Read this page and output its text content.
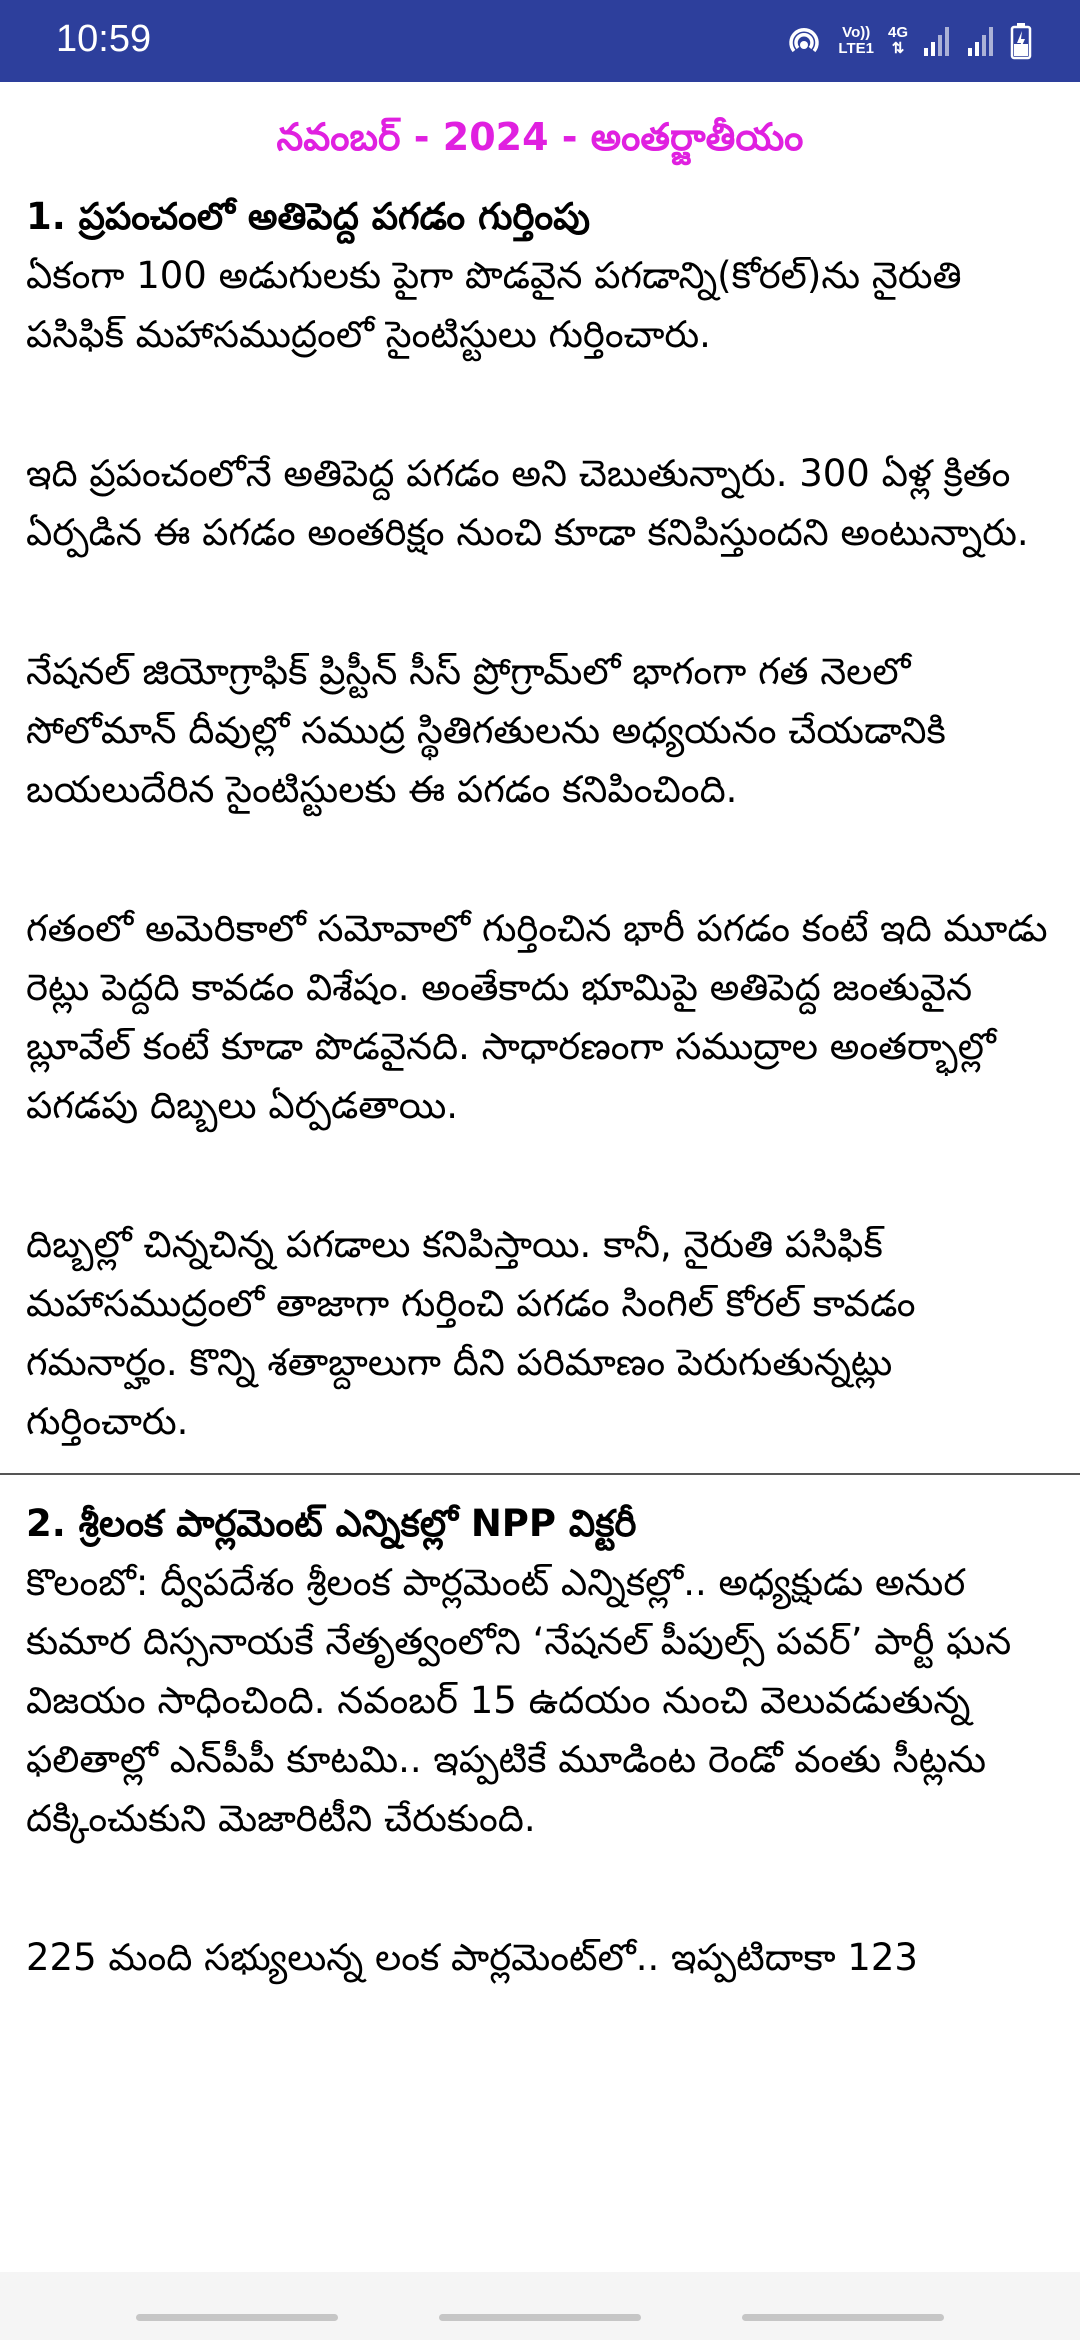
10:59	Vo))
LTE1
4G
⇅
నవంబర్ - 2024 - అంతర్జాతీయం
1. ప్రపంచంలో అతిపెద్ద పగడం గుర్తింపు

ఏకంగా 100 అడుగులకు పైగా పొడవైన పగడాన్ని(కోరల్)ను నైరుతి పసిఫిక్ మహాసముద్రంలో సైంటిస్టులు గుర్తించారు.

ఇది ప్రపంచంలోనే అతిపెద్ద పగడం అని చెబుతున్నారు. 300 ఏళ్ల క్రితం ఏర్పడిన ఈ పగడం అంతరిక్షం నుంచి కూడా కనిపిస్తుందని అంటున్నారు.

నేషనల్ జియోగ్రాఫిక్ ప్రిస్టీన్ సీస్ ప్రోగ్రామ్‌లో భాగంగా గత నెలలో సోలోమాన్ దీవుల్లో సముద్ర స్థితిగతులను అధ్యయనం చేయడానికి బయలుదేరిన సైంటిస్టులకు ఈ పగడం కనిపించింది.

గతంలో అమెరికాలో సమోవాలో గుర్తించిన భారీ పగడం కంటే ఇది మూడు రెట్లు పెద్దది కావడం విశేషం. అంతేకాదు భూమిపై అతిపెద్ద జంతువైన బ్లూవేల్ కంటే కూడా పొడవైనది. సాధారణంగా సముద్రాల అంతర్భాల్లో పగడపు దిబ్బలు ఏర్పడతాయి.

దిబ్బల్లో చిన్నచిన్న పగడాలు కనిపిస్తాయి. కానీ, నైరుతి పసిఫిక్ మహాసముద్రంలో తాజాగా గుర్తించి పగడం సింగిల్ కోరల్ కావడం గమనార్హం. కొన్ని శతాబ్దాలుగా దీని పరిమాణం పెరుగుతున్నట్లు గుర్తించారు.

2. శ్రీలంక పార్లమెంట్ ఎన్నికల్లో NPP విక్టరీ

కొలంబో: ద్వీపదేశం శ్రీలంక పార్లమెంట్ ఎన్నికల్లో.. అధ్యక్షుడు అనుర కుమార దిస్సనాయకే నేతృత్వంలోని ‘నేషనల్ పీపుల్స్ పవర్’ పార్టీ ఘన విజయం సాధించింది. నవంబర్ 15 ఉదయం నుంచి వెలువడుతున్న ఫలితాల్లో ఎన్‌పీపీ కూటమి.. ఇప్పటికే మూడింట రెండో వంతు సీట్లను దక్కించుకుని మెజారిటీని చేరుకుంది.

225 మంది సభ్యులున్న లంక పార్లమెంట్‌లో.. ఇప్పటిదాకా 123
